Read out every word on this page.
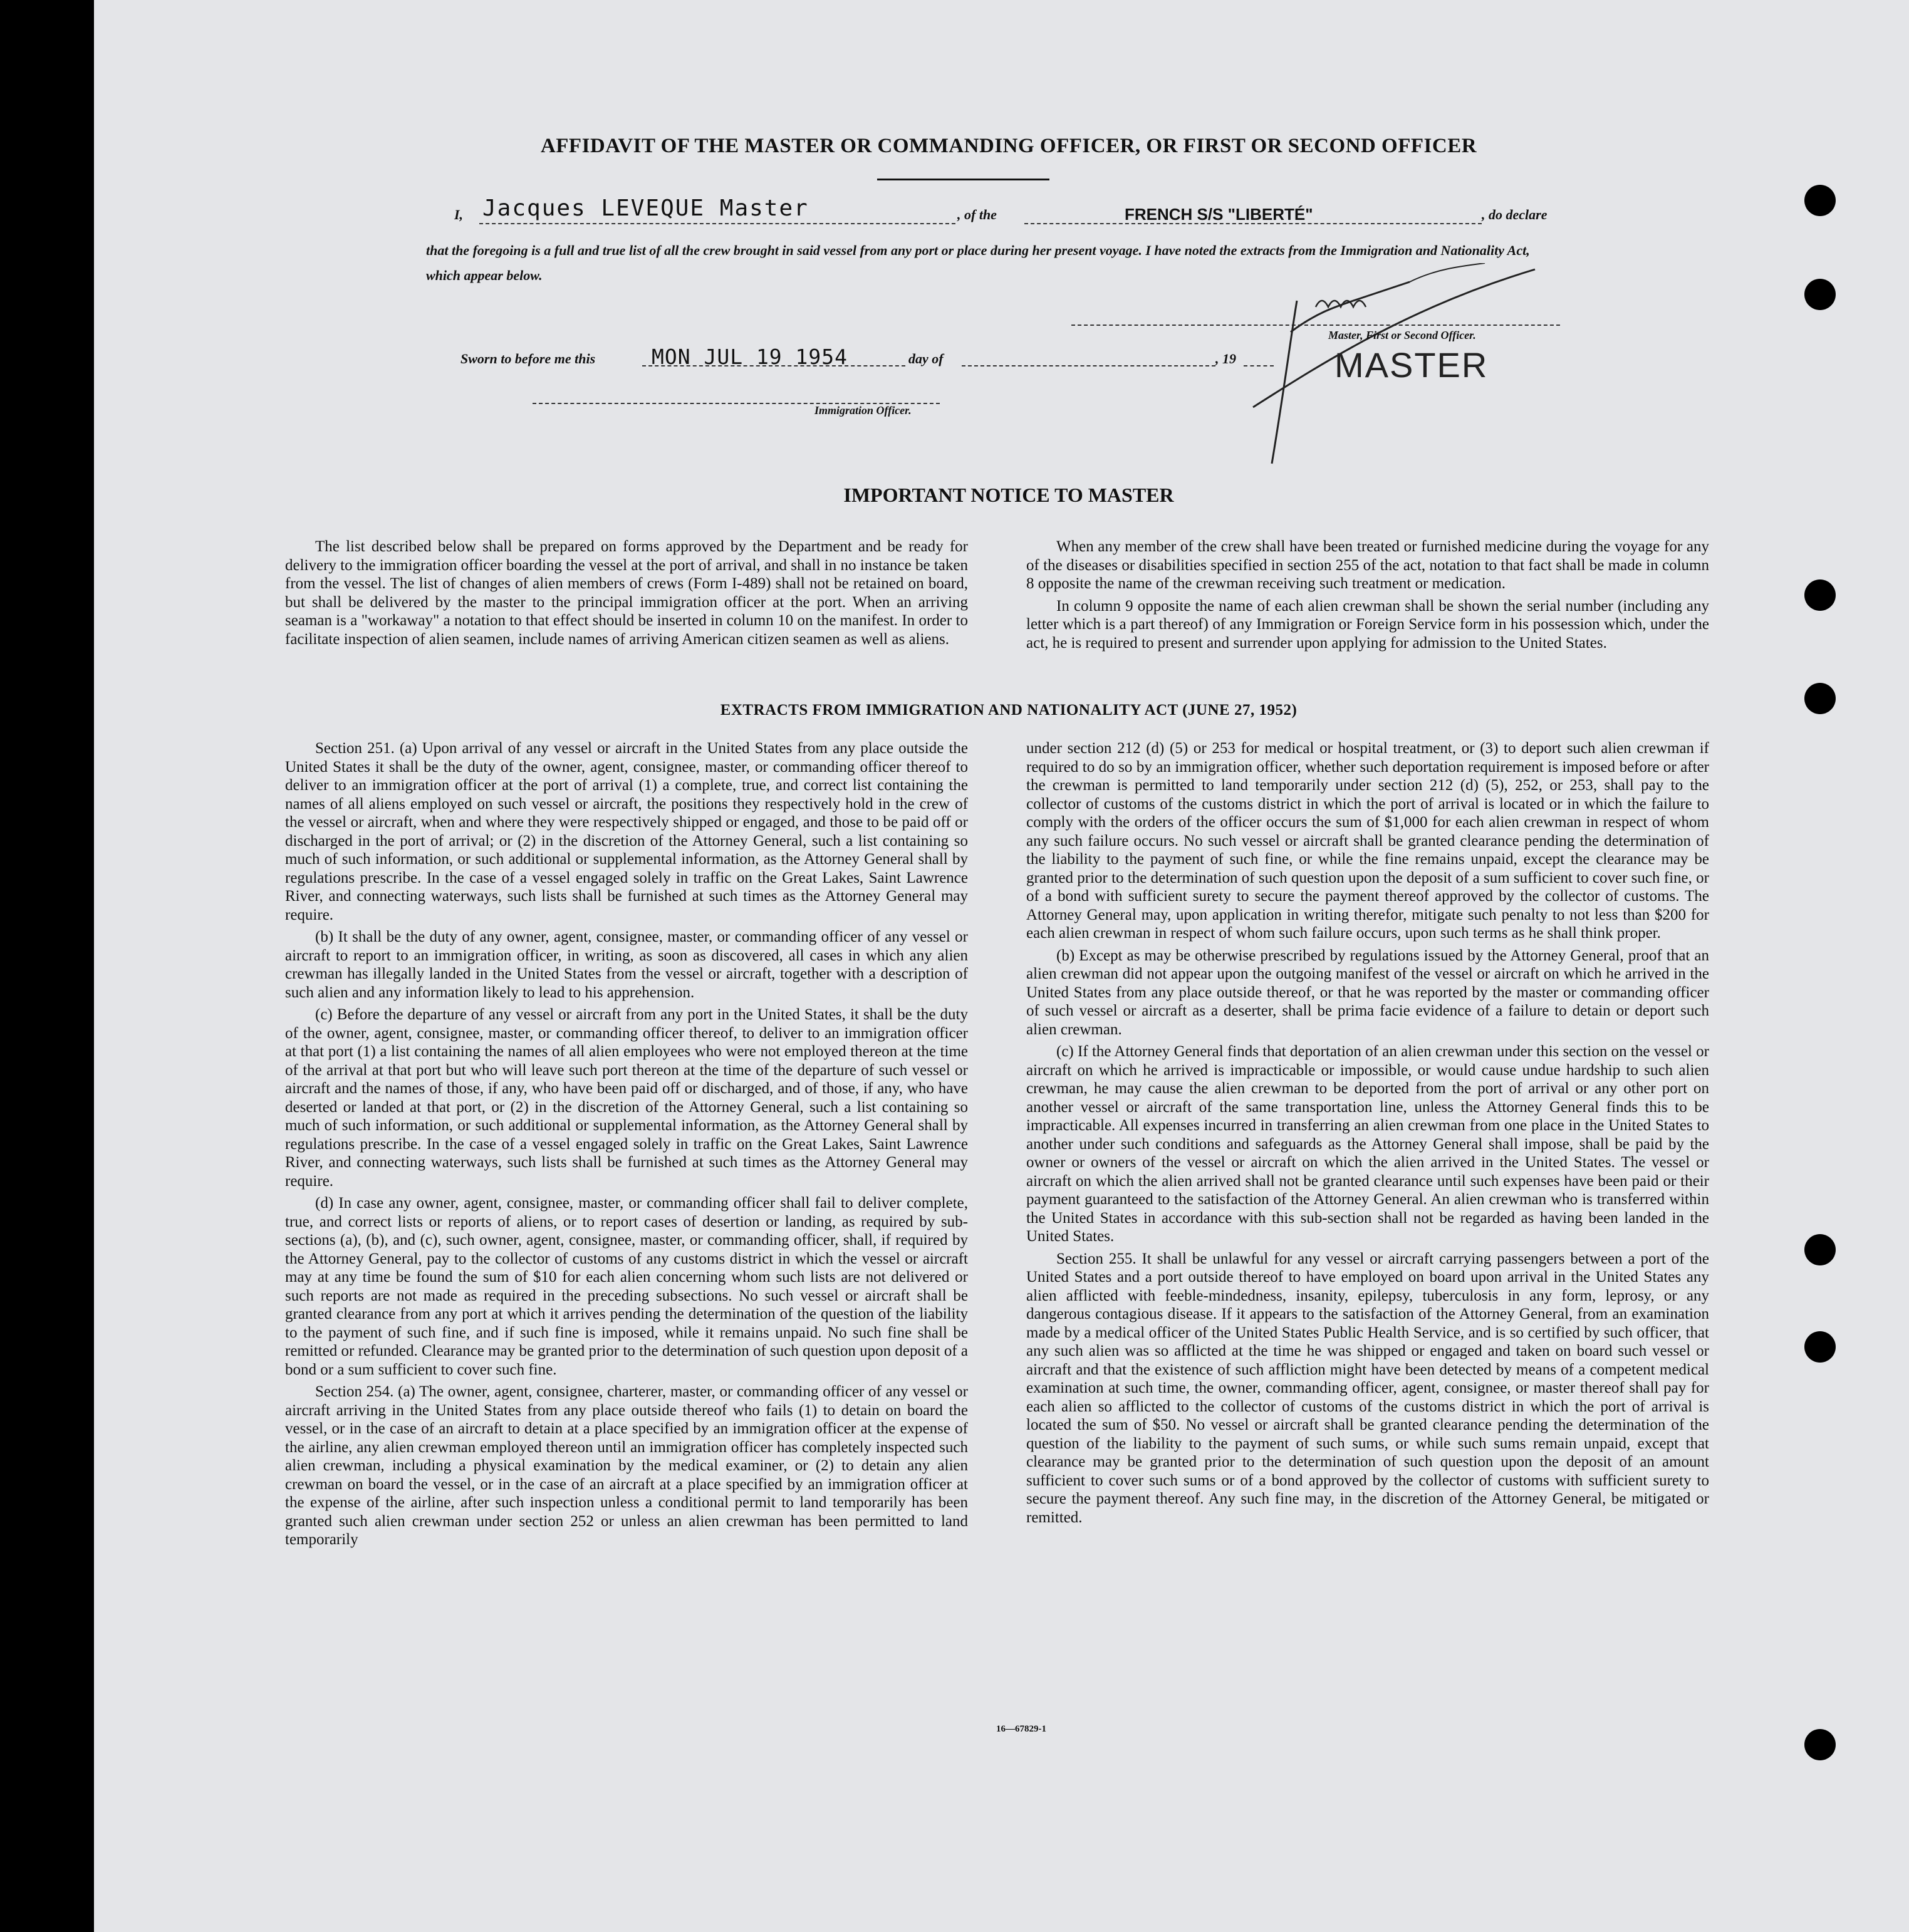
AFFIDAVIT OF THE MASTER OR COMMANDING OFFICER, OR FIRST OR SECOND OFFICER
I,	, of the	, do declare
Jacques LEVEQUE Master	FRENCH S/S "LIBERTÉ"
that the foregoing is a full and true list of all the crew brought in said vessel from any port or place during her present voyage. I have noted the extracts from the Immigration and Nationality Act, which appear below.
Master, First or Second Officer.
MASTER
Sworn to before me this	day of	, 19
MON JUL 19 1954
Immigration Officer.
IMPORTANT NOTICE TO MASTER

The list described below shall be prepared on forms approved by the Department and be ready for delivery to the immigration officer boarding the vessel at the port of arrival, and shall in no instance be taken from the vessel. The list of changes of alien members of crews (Form I-489) shall not be retained on board, but shall be delivered by the master to the principal immigration officer at the port. When an arriving seaman is a "workaway" a notation to that effect should be inserted in column 10 on the manifest. In order to facilitate inspection of alien seamen, include names of arriving American citizen seamen as well as aliens.

When any member of the crew shall have been treated or furnished medicine during the voyage for any of the diseases or disabilities specified in section 255 of the act, notation to that fact shall be made in column 8 opposite the name of the crewman receiving such treatment or medication.

In column 9 opposite the name of each alien crewman shall be shown the serial number (including any letter which is a part thereof) of any Immigration or Foreign Service form in his possession which, under the act, he is required to present and surrender upon applying for admission to the United States.

EXTRACTS FROM IMMIGRATION AND NATIONALITY ACT (JUNE 27, 1952)

Section 251. (a) Upon arrival of any vessel or aircraft in the United States from any place outside the United States it shall be the duty of the owner, agent, consignee, master, or commanding officer thereof to deliver to an immigration officer at the port of arrival (1) a complete, true, and correct list containing the names of all aliens employed on such vessel or aircraft, the positions they respectively hold in the crew of the vessel or aircraft, when and where they were respectively shipped or engaged, and those to be paid off or discharged in the port of arrival; or (2) in the discretion of the Attorney General, such a list containing so much of such information, or such additional or supplemental information, as the Attorney General shall by regulations prescribe. In the case of a vessel engaged solely in traffic on the Great Lakes, Saint Lawrence River, and connecting waterways, such lists shall be furnished at such times as the Attorney General may require.

(b) It shall be the duty of any owner, agent, consignee, master, or commanding officer of any vessel or aircraft to report to an immigration officer, in writing, as soon as discovered, all cases in which any alien crewman has illegally landed in the United States from the vessel or aircraft, together with a description of such alien and any information likely to lead to his apprehension.

(c) Before the departure of any vessel or aircraft from any port in the United States, it shall be the duty of the owner, agent, consignee, master, or commanding officer thereof, to deliver to an immigration officer at that port (1) a list containing the names of all alien employees who were not employed thereon at the time of the arrival at that port but who will leave such port thereon at the time of the departure of such vessel or aircraft and the names of those, if any, who have been paid off or discharged, and of those, if any, who have deserted or landed at that port, or (2) in the discretion of the Attorney General, such a list containing so much of such information, or such additional or supplemental information, as the Attorney General shall by regulations prescribe. In the case of a vessel engaged solely in traffic on the Great Lakes, Saint Lawrence River, and connecting waterways, such lists shall be furnished at such times as the Attorney General may require.

(d) In case any owner, agent, consignee, master, or commanding officer shall fail to deliver complete, true, and correct lists or reports of aliens, or to report cases of desertion or landing, as required by sub-sections (a), (b), and (c), such owner, agent, consignee, master, or commanding officer, shall, if required by the Attorney General, pay to the collector of customs of any customs district in which the vessel or aircraft may at any time be found the sum of $10 for each alien concerning whom such lists are not delivered or such reports are not made as required in the preceding subsections. No such vessel or aircraft shall be granted clearance from any port at which it arrives pending the determination of the question of the liability to the payment of such fine, and if such fine is imposed, while it remains unpaid. No such fine shall be remitted or refunded. Clearance may be granted prior to the determination of such question upon deposit of a bond or a sum sufficient to cover such fine.

Section 254. (a) The owner, agent, consignee, charterer, master, or commanding officer of any vessel or aircraft arriving in the United States from any place outside thereof who fails (1) to detain on board the vessel, or in the case of an aircraft to detain at a place specified by an immigration officer at the expense of the airline, any alien crewman employed thereon until an immigration officer has completely inspected such alien crewman, including a physical examination by the medical examiner, or (2) to detain any alien crewman on board the vessel, or in the case of an aircraft at a place specified by an immigration officer at the expense of the airline, after such inspection unless a conditional permit to land temporarily has been granted such alien crewman under section 252 or unless an alien crewman has been permitted to land temporarily

under section 212 (d) (5) or 253 for medical or hospital treatment, or (3) to deport such alien crewman if required to do so by an immigration officer, whether such deportation requirement is imposed before or after the crewman is permitted to land temporarily under section 212 (d) (5), 252, or 253, shall pay to the collector of customs of the customs district in which the port of arrival is located or in which the failure to comply with the orders of the officer occurs the sum of $1,000 for each alien crewman in respect of whom any such failure occurs. No such vessel or aircraft shall be granted clearance pending the determination of the liability to the payment of such fine, or while the fine remains unpaid, except the clearance may be granted prior to the determination of such question upon the deposit of a sum sufficient to cover such fine, or of a bond with sufficient surety to secure the payment thereof approved by the collector of customs. The Attorney General may, upon application in writing therefor, mitigate such penalty to not less than $200 for each alien crewman in respect of whom such failure occurs, upon such terms as he shall think proper.

(b) Except as may be otherwise prescribed by regulations issued by the Attorney General, proof that an alien crewman did not appear upon the outgoing manifest of the vessel or aircraft on which he arrived in the United States from any place outside thereof, or that he was reported by the master or commanding officer of such vessel or aircraft as a deserter, shall be prima facie evidence of a failure to detain or deport such alien crewman.

(c) If the Attorney General finds that deportation of an alien crewman under this section on the vessel or aircraft on which he arrived is impracticable or impossible, or would cause undue hardship to such alien crewman, he may cause the alien crewman to be deported from the port of arrival or any other port on another vessel or aircraft of the same transportation line, unless the Attorney General finds this to be impracticable. All expenses incurred in transferring an alien crewman from one place in the United States to another under such conditions and safeguards as the Attorney General shall impose, shall be paid by the owner or owners of the vessel or aircraft on which the alien arrived in the United States. The vessel or aircraft on which the alien arrived shall not be granted clearance until such expenses have been paid or their payment guaranteed to the satisfaction of the Attorney General. An alien crewman who is transferred within the United States in accordance with this sub-section shall not be regarded as having been landed in the United States.

Section 255. It shall be unlawful for any vessel or aircraft carrying passengers between a port of the United States and a port outside thereof to have employed on board upon arrival in the United States any alien afflicted with feeble-mindedness, insanity, epilepsy, tuberculosis in any form, leprosy, or any dangerous contagious disease. If it appears to the satisfaction of the Attorney General, from an examination made by a medical officer of the United States Public Health Service, and is so certified by such officer, that any such alien was so afflicted at the time he was shipped or engaged and taken on board such vessel or aircraft and that the existence of such affliction might have been detected by means of a competent medical examination at such time, the owner, commanding officer, agent, consignee, or master thereof shall pay for each alien so afflicted to the collector of customs of the customs district in which the port of arrival is located the sum of $50. No vessel or aircraft shall be granted clearance pending the determination of the question of the liability to the payment of such sums, or while such sums remain unpaid, except that clearance may be granted prior to the determination of such question upon the deposit of an amount sufficient to cover such sums or of a bond approved by the collector of customs with sufficient surety to secure the payment thereof. Any such fine may, in the discretion of the Attorney General, be mitigated or remitted.

16—67829-1
